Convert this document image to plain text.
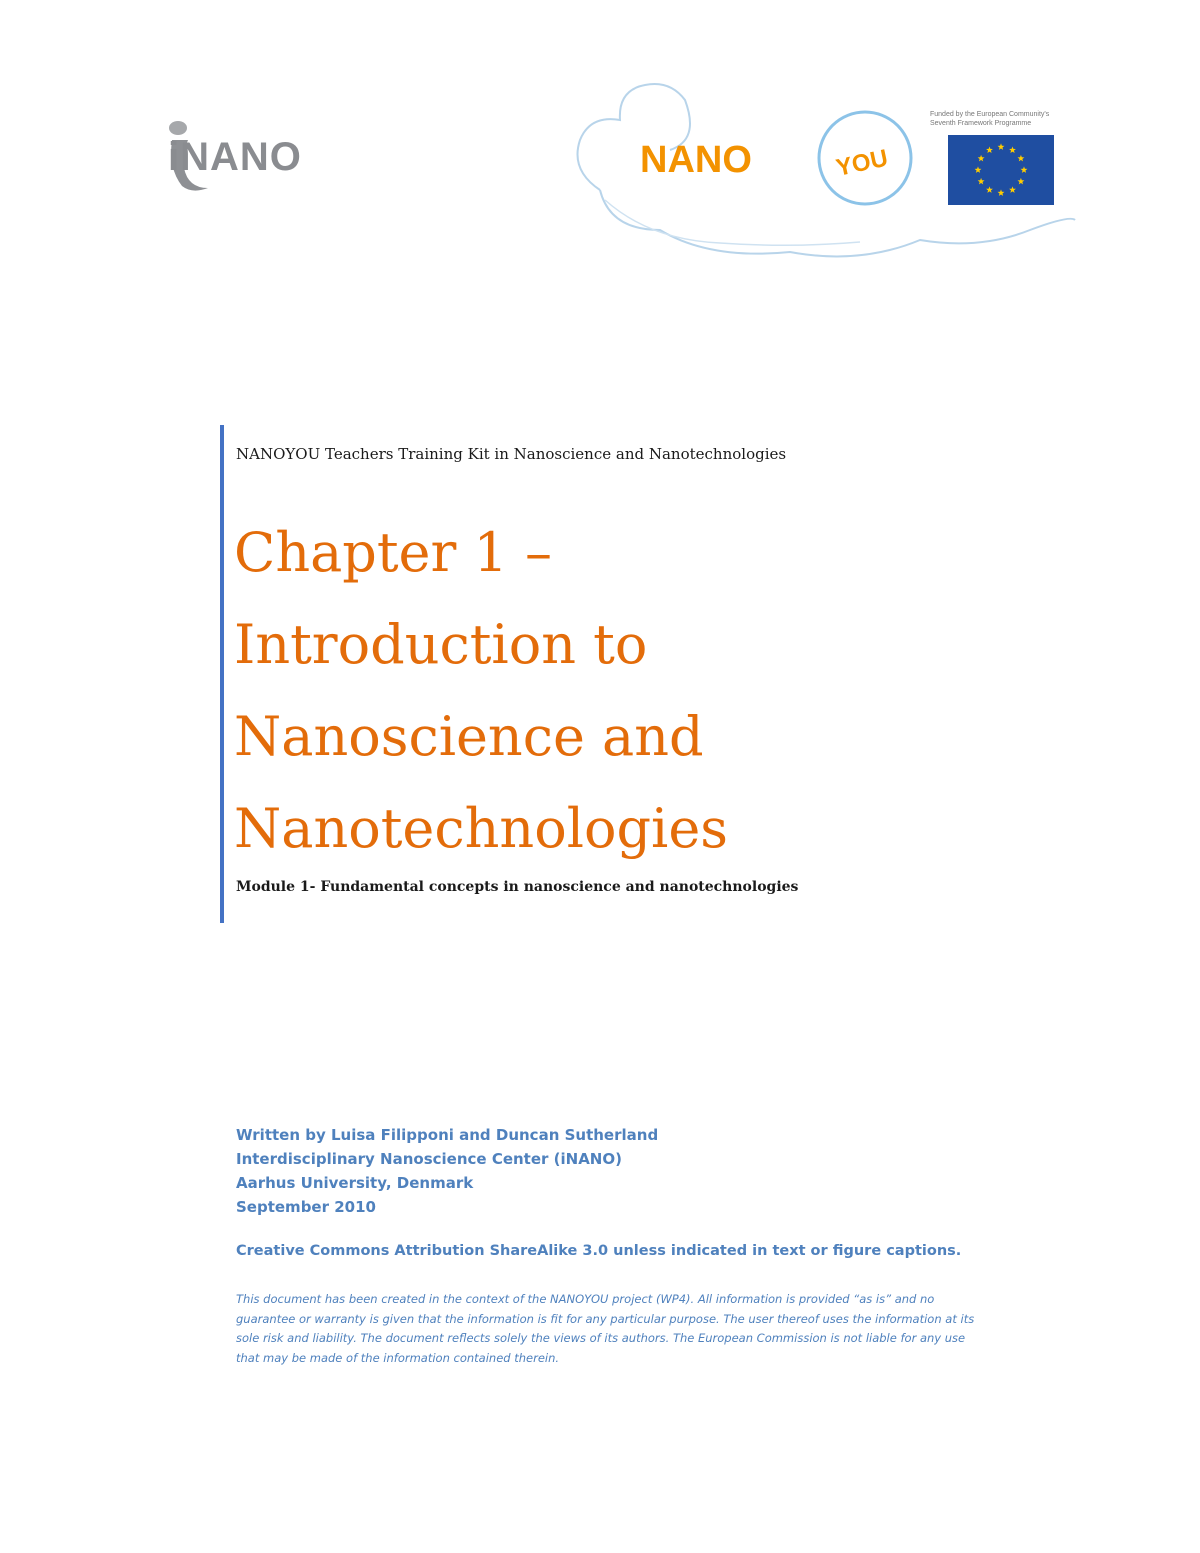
iNANO	NANO	YOU
Funded by the European Community's
Seventh Framework Programme
NANOYOU Teachers Training Kit in Nanoscience and Nanotechnologies
Chapter 1 –
Introduction to
Nanoscience and
Nanotechnologies
Module 1- Fundamental concepts in nanoscience and nanotechnologies
Written by Luisa Filipponi and Duncan Sutherland
Interdisciplinary Nanoscience Center (iNANO)
Aarhus University, Denmark
September 2010
Creative Commons Attribution ShareAlike 3.0 unless indicated in text or figure captions.

This document has been created in the context of the NANOYOU project (WP4). All information is provided “as is” and no guarantee or warranty is given that the information is fit for any particular purpose. The user thereof uses the information at its sole risk and liability. The document reflects solely the views of its authors. The European Commission is not liable for any use that may be made of the information contained therein.
